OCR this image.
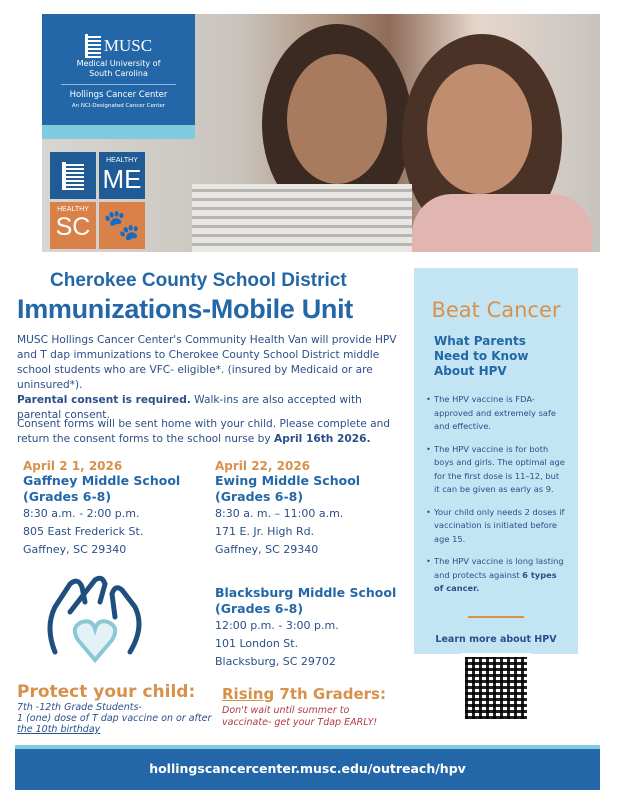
MUSC
Medical University of South Carolina
Hollings Cancer Center
An NCI-Designated Cancer Center
HEALTHY
ME
HEALTHY
SC 🐾
Cherokee County School District
Immunizations-Mobile Unit
MUSC Hollings Cancer Center's Community Health Van will provide HPV and T dap immunizations to Cherokee County School District middle school students who are VFC- eligible*. (insured by Medicaid or are uninsured*).
Parental consent is required. Walk-ins are also accepted with parental consent.
Consent forms will be sent home with your child. Please complete and return the consent forms to the school nurse by April 16th 2026.
April 2 1, 2026
Gaffney Middle School
(Grades 6-8)
8:30 a.m. - 2:00 p.m.
805 East Frederick St.
Gaffney, SC 29340
April 22, 2026
Ewing Middle School
(Grades 6-8)
8:30 a. m. – 11:00 a.m.
171 E. Jr. High Rd.
Gaffney, SC 29340
Blacksburg Middle School
(Grades 6-8)
12:00 p.m. - 3:00 p.m.
101 London St.
Blacksburg, SC 29702
Beat Cancer
What Parents Need to Know About HPV
• The HPV vaccine is FDA-approved and extremely safe and effective.
• The HPV vaccine is for both boys and girls. The optimal age for the first dose is 11–12, but it can be given as early as 9.
• Your child only needs 2 doses if vaccination is initiated before age 15.
• The HPV vaccine is long lasting and protects against 6 types of cancer.
Learn more about HPV
Protect your child:
7th -12th Grade Students-
1 (one) dose of T dap vaccine on or after
the 10th birthday
Rising 7th Graders:
Don't wait until summer to
vaccinate- get your Tdap EARLY!
hollingscancercenter.musc.edu/outreach/hpv
